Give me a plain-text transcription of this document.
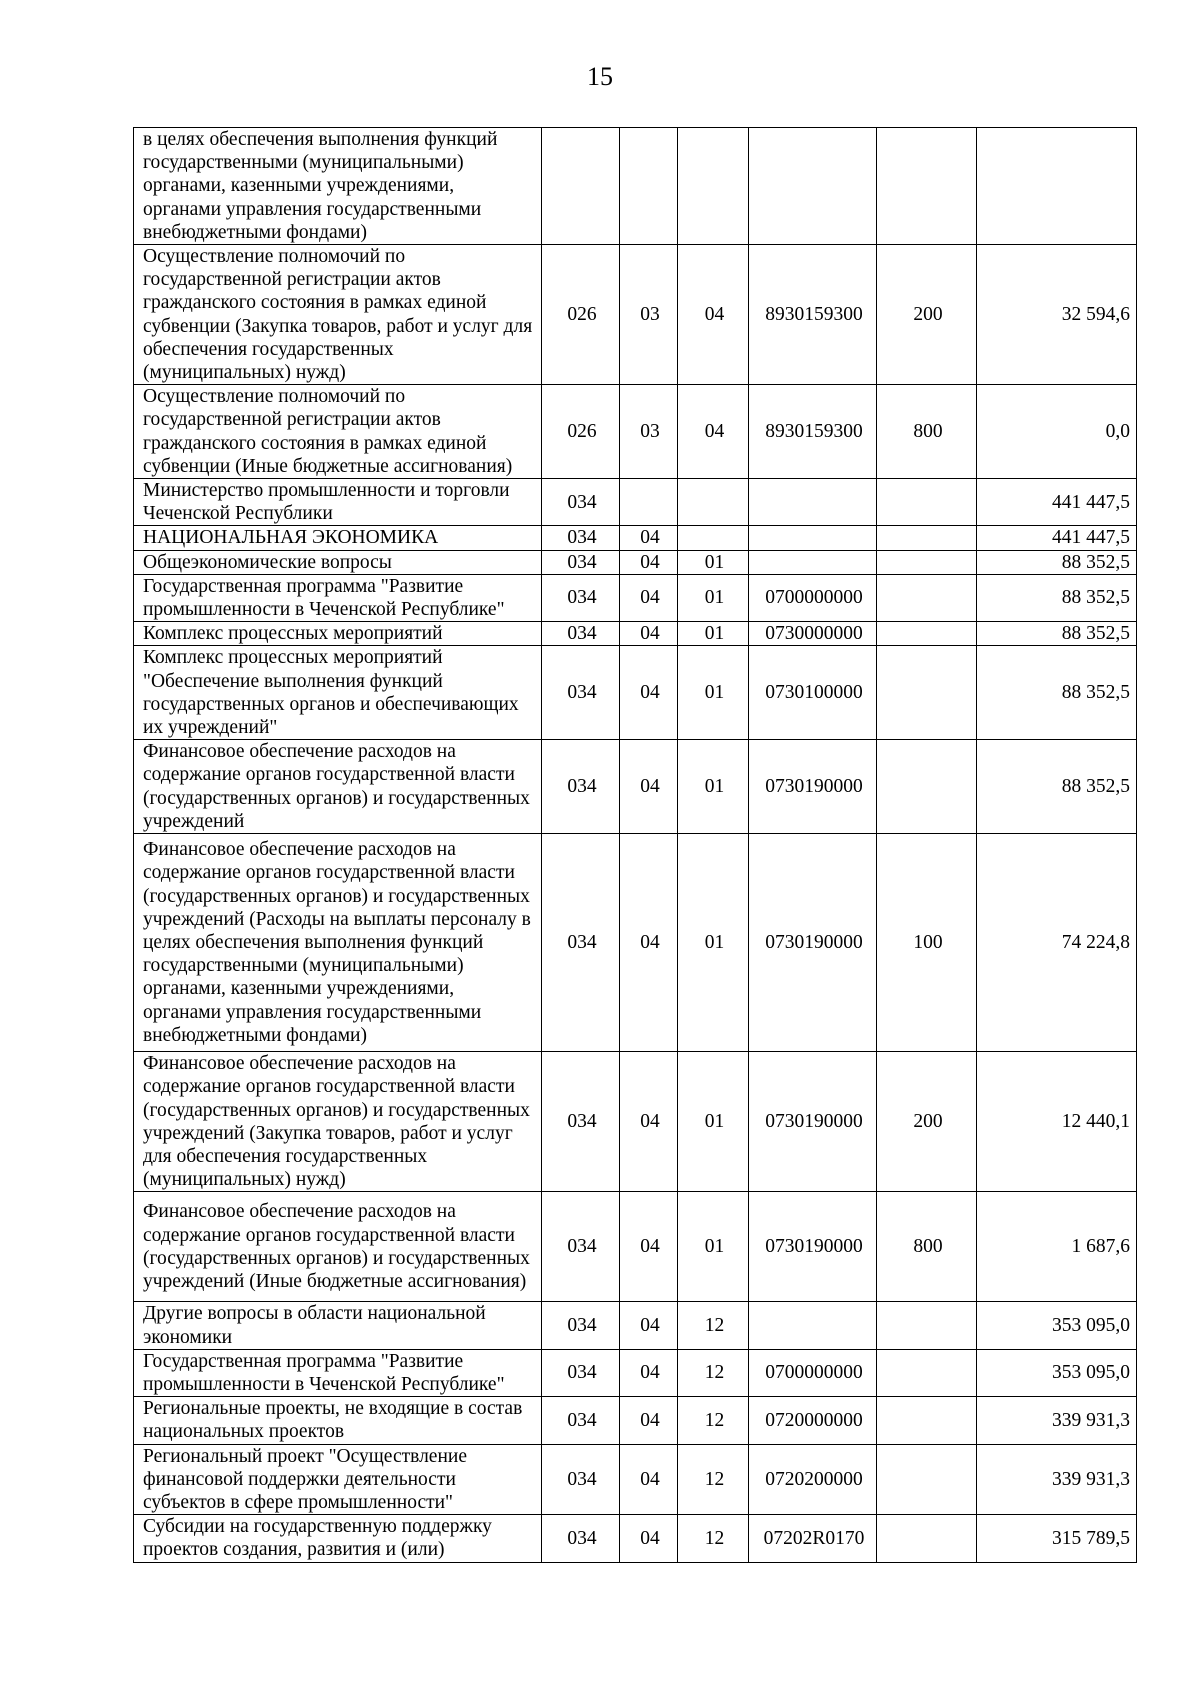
15
в целях обеспечения выполнения функций государственными (муниципальными) органами, казенными учреждениями, органами управления государственными внебюджетными фондами)						
Осуществление полномочий по государственной регистрации актов гражданского состояния в рамках единой субвенции (Закупка товаров, работ и услуг для обеспечения государственных (муниципальных) нужд)	026	03	04	8930159300	200	32 594,6
Осуществление полномочий по государственной регистрации актов гражданского состояния в рамках единой субвенции (Иные бюджетные ассигнования)	026	03	04	8930159300	800	0,0
Министерство промышленности и торговли Чеченской Республики	034					441 447,5
НАЦИОНАЛЬНАЯ ЭКОНОМИКА	034	04				441 447,5
Общеэкономические вопросы	034	04	01			88 352,5
Государственная программа "Развитие промышленности в Чеченской Республике"	034	04	01	0700000000		88 352,5
Комплекс процессных мероприятий	034	04	01	0730000000		88 352,5
Комплекс процессных мероприятий "Обеспечение выполнения функций государственных органов и обеспечивающих их учреждений"	034	04	01	0730100000		88 352,5
Финансовое обеспечение расходов на содержание органов государственной власти (государственных органов) и государственных учреждений	034	04	01	0730190000		88 352,5
Финансовое обеспечение расходов на содержание органов государственной власти (государственных органов) и государственных учреждений (Расходы на выплаты персоналу в целях обеспечения выполнения функций государственными (муниципальными) органами, казенными учреждениями, органами управления государственными внебюджетными фондами)	034	04	01	0730190000	100	74 224,8
Финансовое обеспечение расходов на содержание органов государственной власти (государственных органов) и государственных учреждений (Закупка товаров, работ и услуг для обеспечения государственных (муниципальных) нужд)	034	04	01	0730190000	200	12 440,1
Финансовое обеспечение расходов на содержание органов государственной власти (государственных органов) и государственных учреждений (Иные бюджетные ассигнования)	034	04	01	0730190000	800	1 687,6
Другие вопросы в области национальной экономики	034	04	12			353 095,0
Государственная программа "Развитие промышленности в Чеченской Республике"	034	04	12	0700000000		353 095,0
Региональные проекты, не входящие в состав национальных проектов	034	04	12	0720000000		339 931,3
Региональный проект "Осуществление финансовой поддержки деятельности субъектов в сфере промышленности"	034	04	12	0720200000		339 931,3
Субсидии на государственную поддержку проектов создания, развития и (или)	034	04	12	07202R0170		315 789,5
